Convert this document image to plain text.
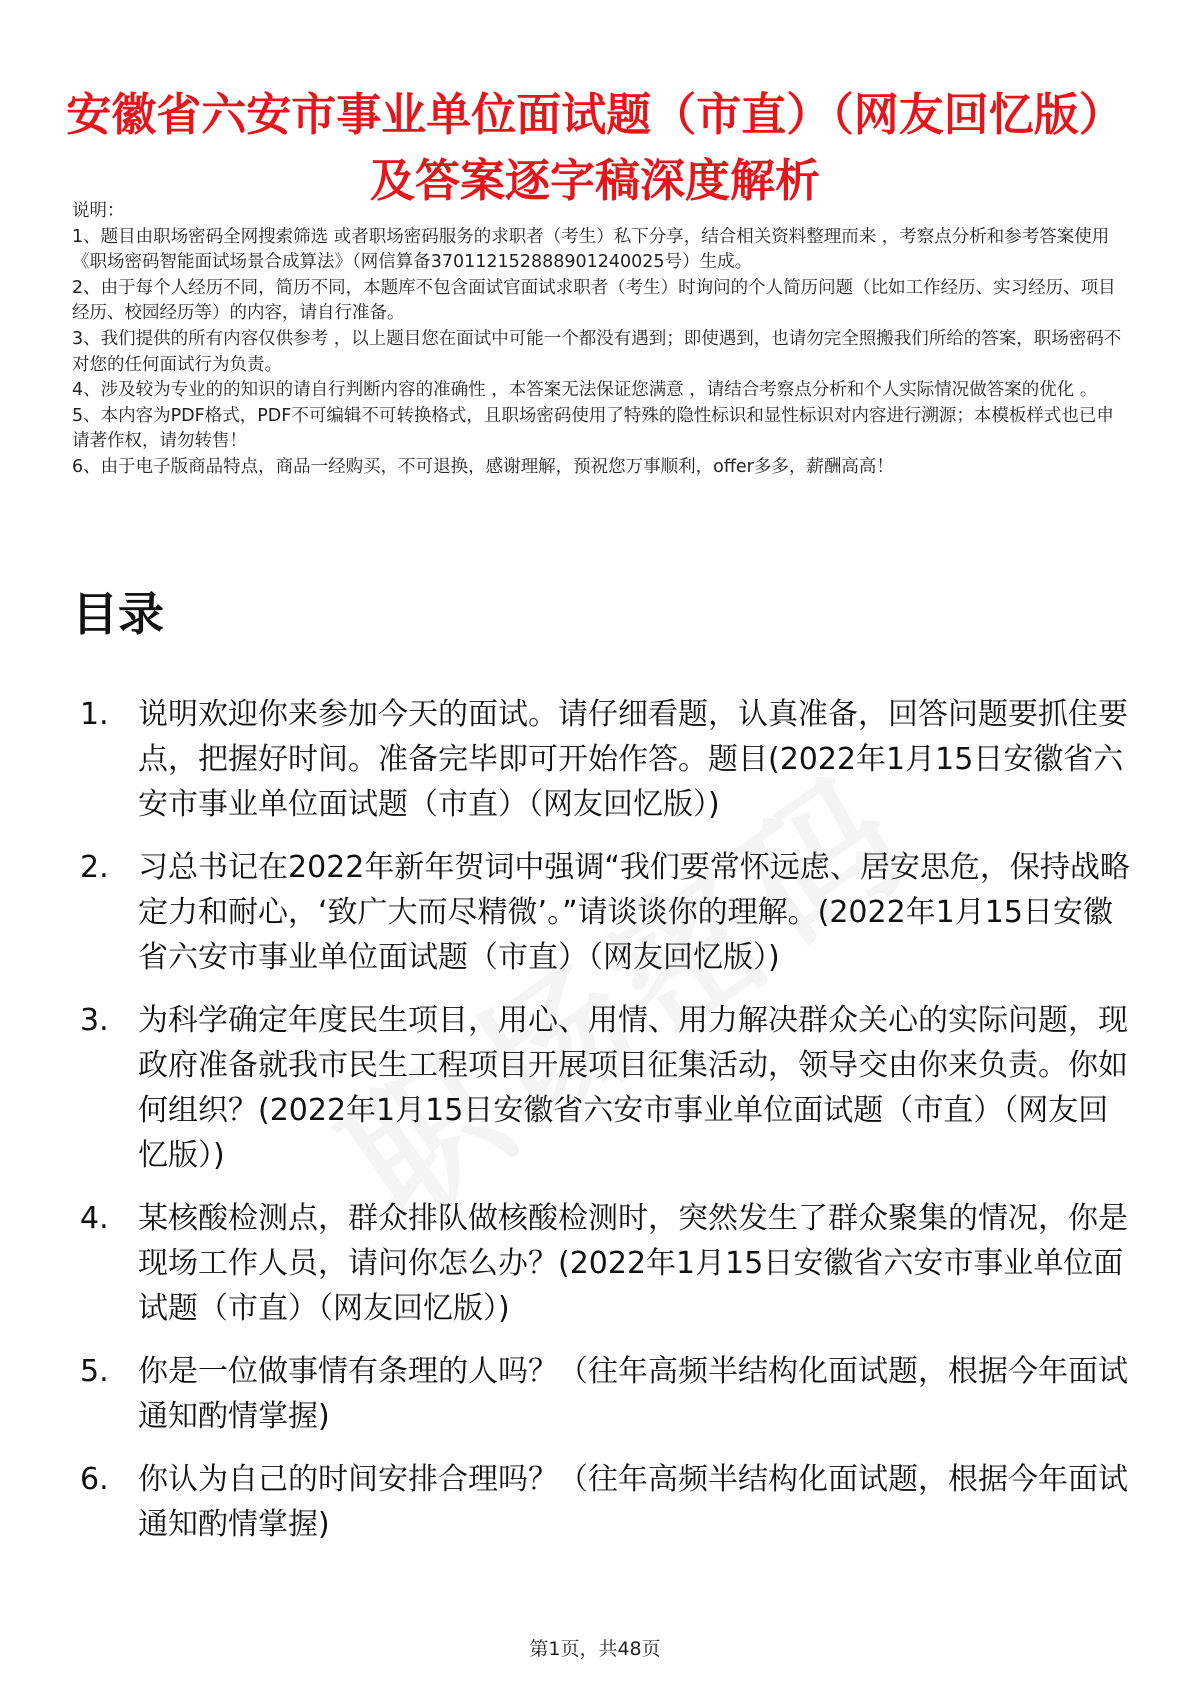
安徽省六安市事业单位面试题（市直）（网友回忆版）及答案逐字稿深度解析

说明：

1、题目由职场密码全网搜索筛选 或者职场密码服务的求职者（考生）私下分享，结合相关资料整理而来 ，考察点分析和参考答案使用《职场密码智能面试场景合成算法》（网信算备370112152888901240025号）生成。

2、由于每个人经历不同，简历不同，本题库不包含面试官面试求职者（考生）时询问的个人简历问题（比如工作经历、实习经历、项目经历、校园经历等）的内容，请自行准备。

3、我们提供的所有内容仅供参考 ，以上题目您在面试中可能一个都没有遇到；即使遇到，也请勿完全照搬我们所给的答案，职场密码不对您的任何面试行为负责。

4、涉及较为专业的的知识的请自行判断内容的准确性 ，本答案无法保证您满意 ，请结合考察点分析和个人实际情况做答案的优化 。

5、本内容为PDF格式，PDF不可编辑不可转换格式，且职场密码使用了特殊的隐性标识和显性标识对内容进行溯源；本模板样式也已申请著作权，请勿转售！

6、由于电子版商品特点，商品一经购买，不可退换，感谢理解，预祝您万事顺利，offer多多，薪酬高高！

目录
1. 说明欢迎你来参加今天的面试。请仔细看题，认真准备，回答问题要抓住要点，把握好时间。准备完毕即可开始作答。题目(2022年1月15日安徽省六安市事业单位面试题（市直）（网友回忆版）)
2. 习总书记在2022年新年贺词中强调“我们要常怀远虑、居安思危，保持战略定力和耐心，‘致广大而尽精微’。”请谈谈你的理解。(2022年1月15日安徽省六安市事业单位面试题（市直）（网友回忆版）)
3. 为科学确定年度民生项目，用心、用情、用力解决群众关心的实际问题，现政府准备就我市民生工程项目开展项目征集活动，领导交由你来负责。你如何组织？(2022年1月15日安徽省六安市事业单位面试题（市直）（网友回忆版）)
4. 某核酸检测点，群众排队做核酸检测时，突然发生了群众聚集的情况，你是现场工作人员，请问你怎么办？(2022年1月15日安徽省六安市事业单位面试题（市直）（网友回忆版）)
5. 你是一位做事情有条理的人吗？（往年高频半结构化面试题，根据今年面试通知酌情掌握)
6. 你认为自己的时间安排合理吗？（往年高频半结构化面试题，根据今年面试通知酌情掌握)
第1页，共48页
